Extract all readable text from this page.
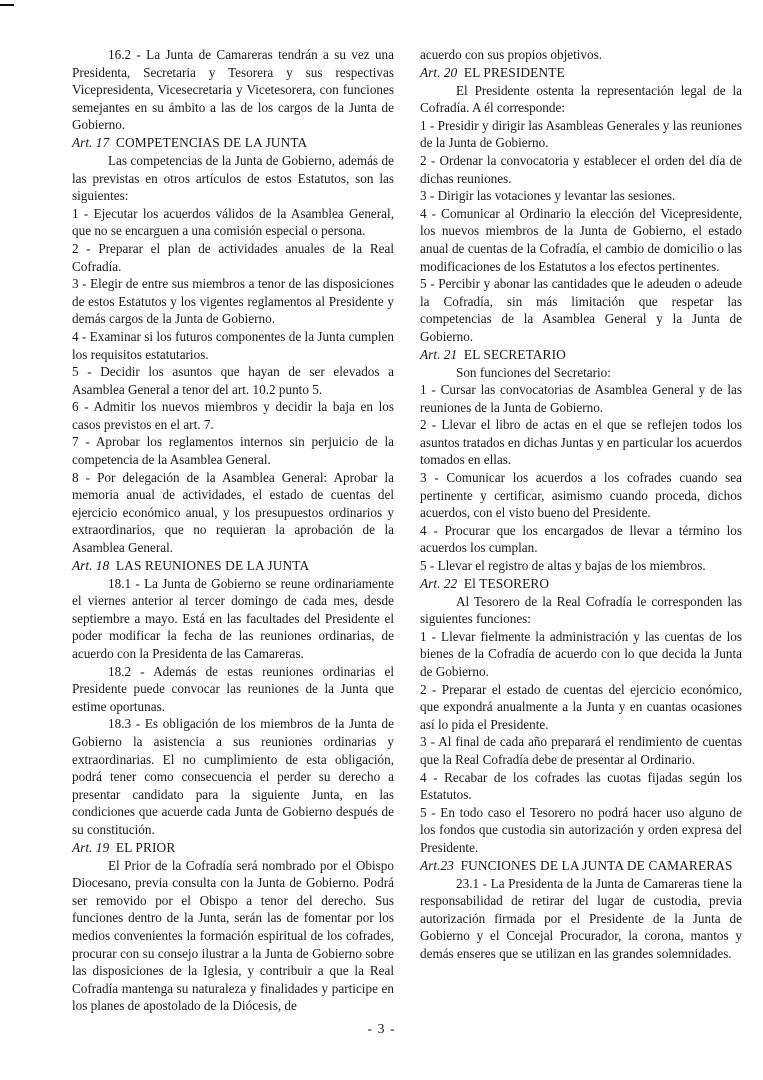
16.2 - La Junta de Camareras tendrán a su vez una Presidenta, Secretaria y Tesorera y sus respectivas Vicepresidenta, Vicesecretaria y Vicetesorera, con funciones semejantes en su ámbito a las de los cargos de la Junta de Gobierno.

Art. 17 COMPETENCIAS DE LA JUNTA

Las competencias de la Junta de Gobierno, además de las previstas en otros artículos de estos Estatutos, son las siguientes:

1 - Ejecutar los acuerdos válidos de la Asamblea General, que no se encarguen a una comisión especial o persona.

2 - Preparar el plan de actividades anuales de la Real Cofradía.

3 - Elegir de entre sus miembros a tenor de las disposiciones de estos Estatutos y los vigentes reglamentos al Presidente y demás cargos de la Junta de Gobierno.

4 - Examinar si los futuros componentes de la Junta cumplen los requisitos estatutarios.

5 - Decidir los asuntos que hayan de ser elevados a Asamblea General a tenor del art. 10.2 punto 5.

6 - Admitir los nuevos miembros y decidir la baja en los casos previstos en el art. 7.

7 - Aprobar los reglamentos internos sin perjuicio de la competencia de la Asamblea General.

8 - Por delegación de la Asamblea General: Aprobar la memoria anual de actividades, el estado de cuentas del ejercicio económico anual, y los presupuestos ordinarios y extraordinarios, que no requieran la aprobación de la Asamblea General.

Art. 18 LAS REUNIONES DE LA JUNTA

18.1 - La Junta de Gobierno se reune ordinariamente el viernes anterior al tercer domingo de cada mes, desde septiembre a mayo. Está en las facultades del Presidente el poder modificar la fecha de las reuniones ordinarias, de acuerdo con la Presidenta de las Camareras.

18.2 - Además de estas reuniones ordinarias el Presidente puede convocar las reuniones de la Junta que estime oportunas.

18.3 - Es obligación de los miembros de la Junta de Gobierno la asistencia a sus reuniones ordinarias y extraordinarias. El no cumplimiento de esta obligación, podrá tener como consecuencia el perder su derecho a presentar candidato para la siguiente Junta, en las condiciones que acuerde cada Junta de Gobierno después de su constitución.

Art. 19 EL PRIOR

El Prior de la Cofradía será nombrado por el Obispo Diocesano, previa consulta con la Junta de Gobierno. Podrá ser removido por el Obispo a tenor del derecho. Sus funciones dentro de la Junta, serán las de fomentar por los medios convenientes la formación espiritual de los cofrades, procurar con su consejo ilustrar a la Junta de Gobierno sobre las disposiciones de la Iglesia, y contribuir a que la Real Cofradía mantenga su naturaleza y finalidades y participe en los planes de apostolado de la Diócesis, de

acuerdo con sus propios objetivos.

Art. 20 EL PRESIDENTE

El Presidente ostenta la representación legal de la Cofradía. A él corresponde:

1 - Presidir y dirigir las Asambleas Generales y las reuniones de la Junta de Gobierno.

2 - Ordenar la convocatoria y establecer el orden del día de dichas reuniones.

3 - Dirigir las votaciones y levantar las sesiones.

4 - Comunicar al Ordinario la elección del Vicepresidente, los nuevos miembros de la Junta de Gobierno, el estado anual de cuentas de la Cofradía, el cambio de domicilio o las modificaciones de los Estatutos a los efectos pertinentes.

5 - Percibir y abonar las cantidades que le adeuden o adeude la Cofradía, sin más limitación que respetar las competencias de la Asamblea General y la Junta de Gobierno.

Art. 21 EL SECRETARIO

Son funciones del Secretario:

1 - Cursar las convocatorias de Asamblea General y de las reuniones de la Junta de Gobierno.

2 - Llevar el libro de actas en el que se reflejen todos los asuntos tratados en dichas Juntas y en particular los acuerdos tomados en ellas.

3 - Comunicar los acuerdos a los cofrades cuando sea pertinente y certificar, asimismo cuando proceda, dichos acuerdos, con el visto bueno del Presidente.

4 - Procurar que los encargados de llevar a término los acuerdos los cumplan.

5 - Llevar el registro de altas y bajas de los miembros.

Art. 22 El TESORERO

Al Tesorero de la Real Cofradía le corresponden las siguientes funciones:

1 - Llevar fielmente la administración y las cuentas de los bienes de la Cofradía de acuerdo con lo que decida la Junta de Gobierno.

2 - Preparar el estado de cuentas del ejercicio económico, que expondrá anualmente a la Junta y en cuantas ocasiones así lo pida el Presidente.

3 - Al final de cada año preparará el rendimiento de cuentas que la Real Cofradía debe de presentar al Ordinario.

4 - Recabar de los cofrades las cuotas fijadas según los Estatutos.

5 - En todo caso el Tesorero no podrá hacer uso alguno de los fondos que custodia sin autorización y orden expresa del Presidente.

Art.23 FUNCIONES DE LA JUNTA DE CAMARERAS

23.1 - La Presidenta de la Junta de Camareras tiene la responsabilidad de retirar del lugar de custodia, previa autorización firmada por el Presidente de la Junta de Gobierno y el Concejal Procurador, la corona, mantos y demás enseres que se utilizan en las grandes solemnidades.

- 3 -
